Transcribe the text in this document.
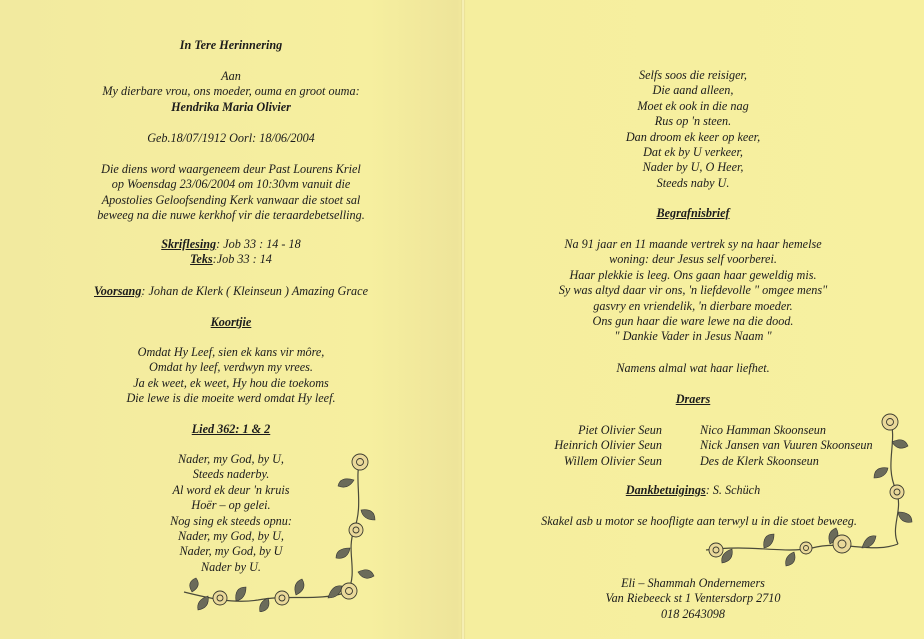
In Tere Herinnering
Aan
My dierbare vrou, ons moeder, ouma en groot ouma:
Hendrika Maria Olivier
Geb.18/07/1912 Oorl: 18/06/2004
Die diens word waargeneem deur Past Lourens Kriel
op Woensdag 23/06/2004 om 10:30vm vanuit die
Apostolies Geloofsending Kerk vanwaar die stoet sal
beweeg na die nuwe kerkhof vir die teraardebetselling.
Skriflesing: Job 33 : 14 - 18
Teks:Job 33 : 14
Voorsang: Johan de Klerk ( Kleinseun ) Amazing Grace
Koortjie
Omdat Hy Leef, sien ek kans vir môre,
Omdat hy leef, verdwyn my vrees.
Ja ek weet, ek weet, Hy hou die toekoms
Die lewe is die moeite werd omdat Hy leef.
Lied 362: 1 & 2
Nader, my God, by U,
Steeds naderby.
Al word ek deur 'n kruis
Hoër – op gelei.
Nog sing ek steeds opnu:
Nader, my God, by U,
Nader, my God, by U
Nader by U.
Selfs soos die reisiger,
Die aand alleen,
Moet ek ook in die nag
Rus op 'n steen.
Dan droom ek keer op keer,
Dat ek by U verkeer,
Nader by U, O Heer,
Steeds naby U.
Begrafnisbrief
Na 91 jaar en 11 maande vertrek sy na haar hemelse
woning: deur Jesus self voorberei.
Haar plekkie is leeg. Ons gaan haar geweldig mis.
Sy was altyd daar vir ons, 'n liefdevolle " omgee mens"
gasvry en vriendelik, 'n dierbare moeder.
Ons gun haar die ware lewe na die dood.
" Dankie Vader in Jesus Naam "
Namens almal wat haar liefhet.
Draers
Piet Olivier Seun
Heinrich Olivier Seun
Willem Olivier Seun
Nico Hamman Skoonseun
Nick Jansen van Vuuren Skoonseun
Des de Klerk Skoonseun
Dankbetuigings: S. Schüch
Skakel asb u motor se hoofligte aan terwyl u in die stoet beweeg.
Eli – Shammah Ondernemers
Van Riebeeck st 1 Ventersdorp 2710
018 2643098
